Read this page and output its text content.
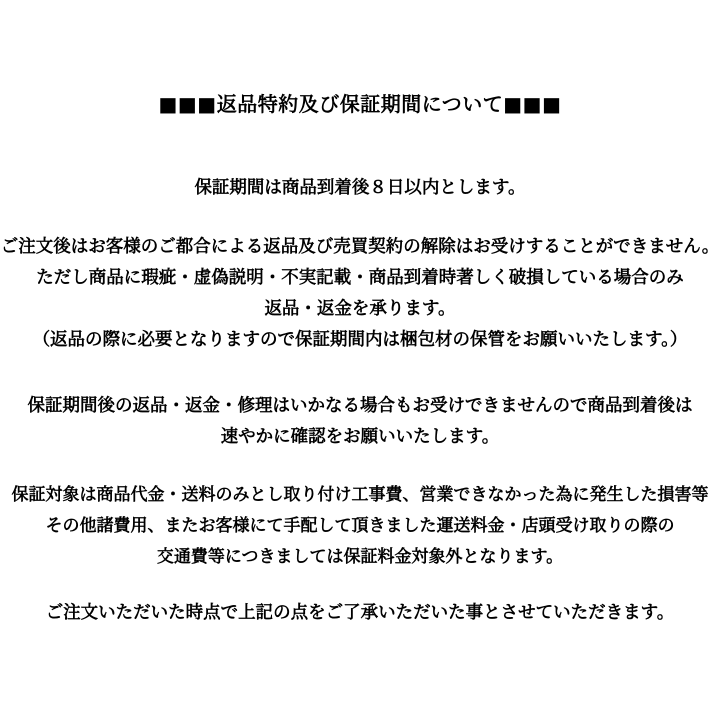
■■■返品特約及び保証期間について■■■
保証期間は商品到着後８日以内とします。
ご注文後はお客様のご都合による返品及び売買契約の解除はお受けすることができません。
ただし商品に瑕疵・虚偽説明・不実記載・商品到着時著しく破損している場合のみ
返品・返金を承ります。
（返品の際に必要となりますので保証期間内は梱包材の保管をお願いいたします。）
保証期間後の返品・返金・修理はいかなる場合もお受けできませんので商品到着後は
速やかに確認をお願いいたします。
保証対象は商品代金・送料のみとし取り付け工事費、営業できなかった為に発生した損害等
その他諸費用、またお客様にて手配して頂きました運送料金・店頭受け取りの際の
交通費等につきましては保証料金対象外となります。
ご注文いただいた時点で上記の点をご了承いただいた事とさせていただきます。
